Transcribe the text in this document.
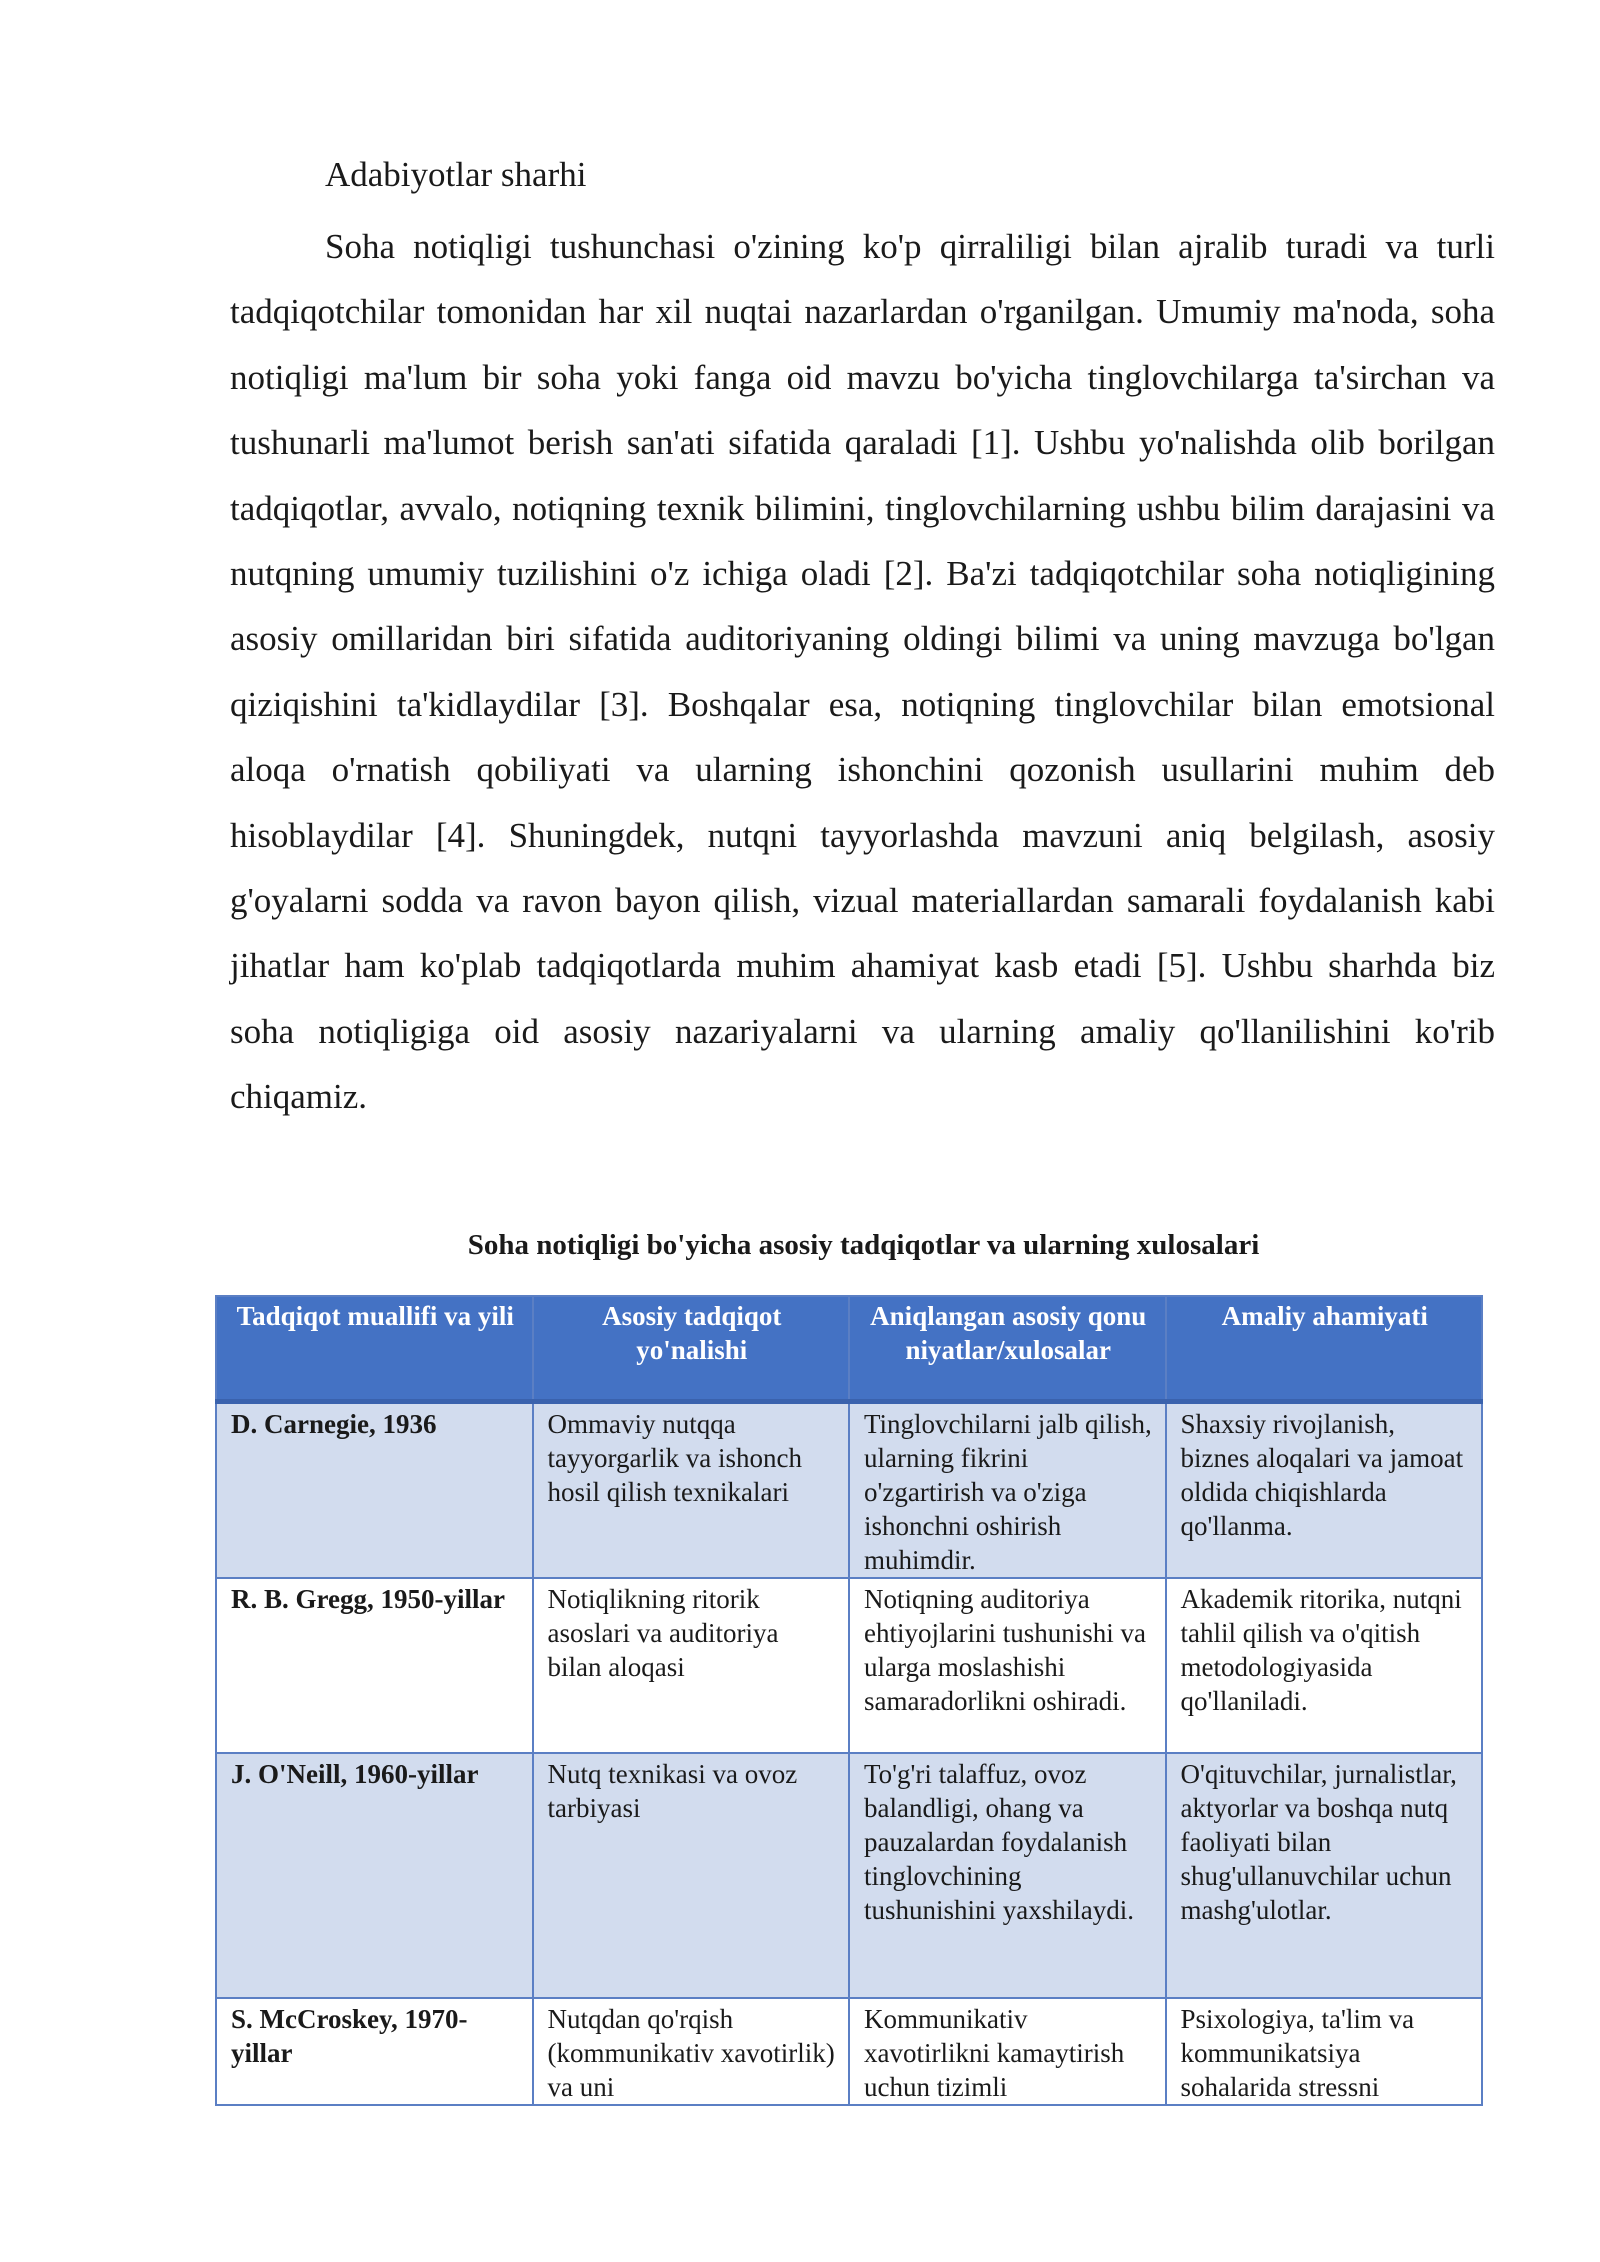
Adabiyotlar sharhi

Soha notiqligi tushunchasi o'zining ko'p qirraliligi bilan ajralib turadi va turli tadqiqotchilar tomonidan har xil nuqtai nazarlardan o'rganilgan. Umumiy ma'noda, soha notiqligi ma'lum bir soha yoki fanga oid mavzu bo'yicha tinglovchilarga ta'sirchan va tushunarli ma'lumot berish san'ati sifatida qaraladi [1]. Ushbu yo'nalishda olib borilgan tadqiqotlar, avvalo, notiqning texnik bilimini, tinglovchilarning ushbu bilim darajasini va nutqning umumiy tuzilishini o'z ichiga oladi [2]. Ba'zi tadqiqotchilar soha notiqligining asosiy omillaridan biri sifatida auditoriyaning oldingi bilimi va uning mavzuga bo'lgan qiziqishini ta'kidlaydilar [3]. Boshqalar esa, notiqning tinglovchilar bilan emotsional aloqa o'rnatish qobiliyati va ularning ishonchini qozonish usullarini muhim deb hisoblaydilar [4]. Shuningdek, nutqni tayyorlashda mavzuni aniq belgilash, asosiy g'oyalarni sodda va ravon bayon qilish, vizual materiallardan samarali foydalanish kabi jihatlar ham ko'plab tadqiqotlarda muhim ahamiyat kasb etadi [5]. Ushbu sharhda biz soha notiqligiga oid asosiy nazariyalarni va ularning amaliy qo'llanilishini ko'rib chiqamiz.

Soha notiqligi bo'yicha asosiy tadqiqotlar va ularning xulosalari

Tadqiqot muallifi va yili	Asosiy tadqiqot yo'nalishi	Aniqlangan asosiy qonuniyatlar/xulosalar	Amaliy ahamiyati
D. Carnegie, 1936	Ommaviy nutqqa tayyorgarlik va ishonch hosil qilish texnikalari	Tinglovchilarni jalb qilish, ularning fikrini o'zgartirish va o'ziga ishonchni oshirish muhimdir.	Shaxsiy rivojlanish, biznes aloqalari va jamoat oldida chiqishlarda qo'llanma.
R. B. Gregg, 1950-yillar	Notiqlikning ritorik asoslari va auditoriya bilan aloqasi	Notiqning auditoriya ehtiyojlarini tushunishi va ularga moslashishi samaradorlikni oshiradi.	Akademik ritorika, nutqni tahlil qilish va o'qitish metodologiyasida qo'llaniladi.
J. O'Neill, 1960-yillar	Nutq texnikasi va ovoz tarbiyasi	To'g'ri talaffuz, ovoz balandligi, ohang va pauzalardan foydalanish tinglovchining tushunishini yaxshilaydi.	O'qituvchilar, jurnalistlar, aktyorlar va boshqa nutq faoliyati bilan shug'ullanuvchilar uchun mashg'ulotlar.
S. McCroskey, 1970-yillar	Nutqdan qo'rqish (kommunikativ xavotirlik) va uni	Kommunikativ xavotirlikni kamaytirish uchun tizimli	Psixologiya, ta'lim va kommunikatsiya sohalarida stressni
